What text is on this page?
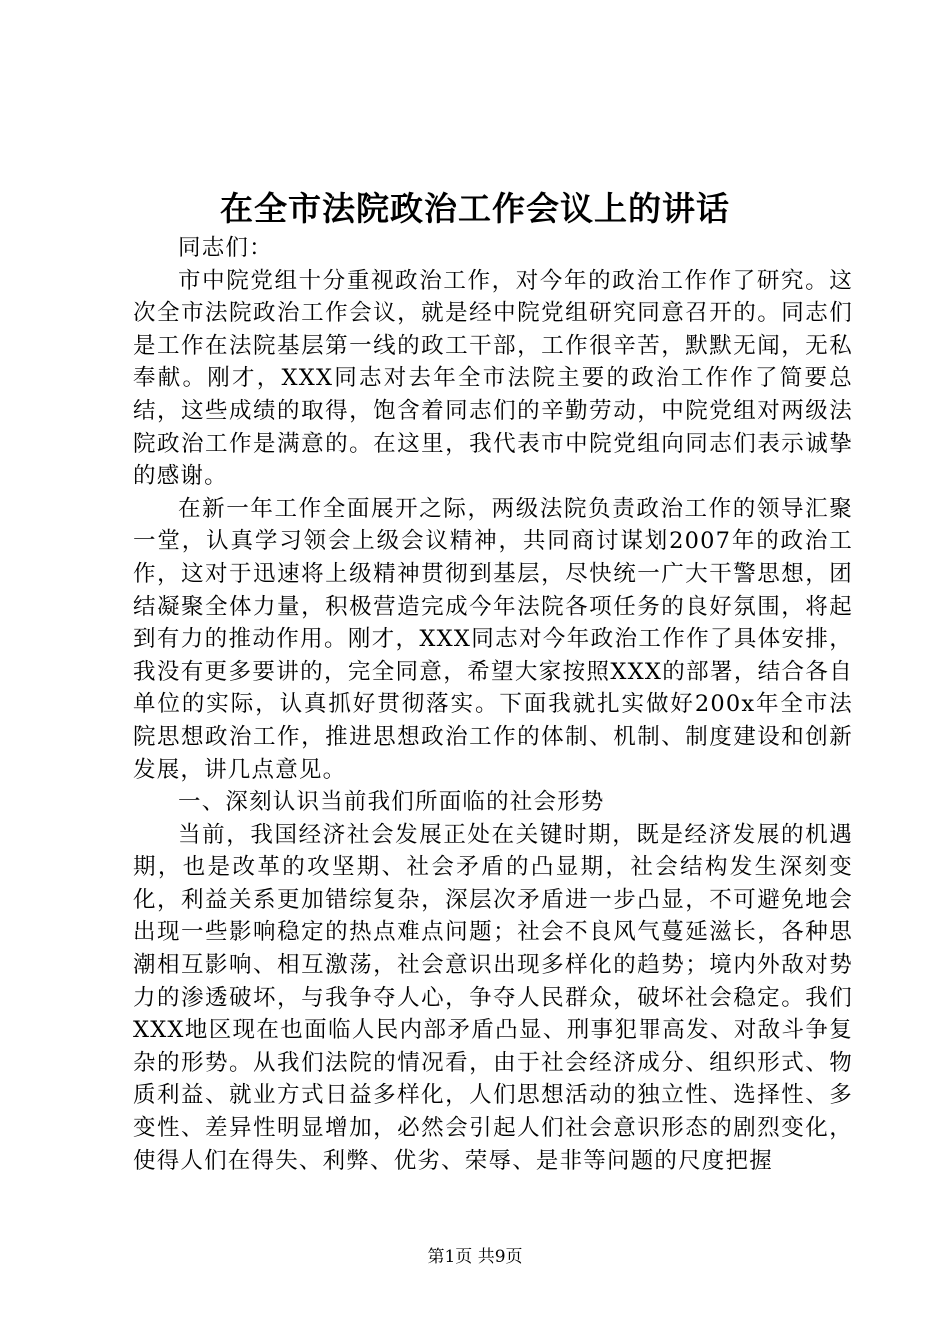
在全市法院政治工作会议上的讲话

同志们：

市中院党组十分重视政治工作，对今年的政治工作作了研究。这次全市法院政治工作会议，就是经中院党组研究同意召开的。同志们是工作在法院基层第一线的政工干部，工作很辛苦，默默无闻，无私奉献。刚才，XXX同志对去年全市法院主要的政治工作作了简要总结，这些成绩的取得，饱含着同志们的辛勤劳动，中院党组对两级法院政治工作是满意的。在这里，我代表市中院党组向同志们表示诚挚的感谢。

在新一年工作全面展开之际，两级法院负责政治工作的领导汇聚一堂，认真学习领会上级会议精神，共同商讨谋划2007年的政治工作，这对于迅速将上级精神贯彻到基层，尽快统一广大干警思想，团结凝聚全体力量，积极营造完成今年法院各项任务的良好氛围，将起到有力的推动作用。刚才，XXX同志对今年政治工作作了具体安排，我没有更多要讲的，完全同意，希望大家按照XXX的部署，结合各自单位的实际，认真抓好贯彻落实。下面我就扎实做好200x年全市法院思想政治工作，推进思想政治工作的体制、机制、制度建设和创新发展，讲几点意见。

一、深刻认识当前我们所面临的社会形势

当前，我国经济社会发展正处在关键时期，既是经济发展的机遇期，也是改革的攻坚期、社会矛盾的凸显期，社会结构发生深刻变化，利益关系更加错综复杂，深层次矛盾进一步凸显，不可避免地会出现一些影响稳定的热点难点问题；社会不良风气蔓延滋长，各种思潮相互影响、相互激荡，社会意识出现多样化的趋势；境内外敌对势力的渗透破坏，与我争夺人心，争夺人民群众，破坏社会稳定。我们XXX地区现在也面临人民内部矛盾凸显、刑事犯罪高发、对敌斗争复杂的形势。从我们法院的情况看，由于社会经济成分、组织形式、物质利益、就业方式日益多样化，人们思想活动的独立性、选择性、多变性、差异性明显增加，必然会引起人们社会意识形态的剧烈变化，使得人们在得失、利弊、优劣、荣辱、是非等问题的尺度把握

第1页 共9页
